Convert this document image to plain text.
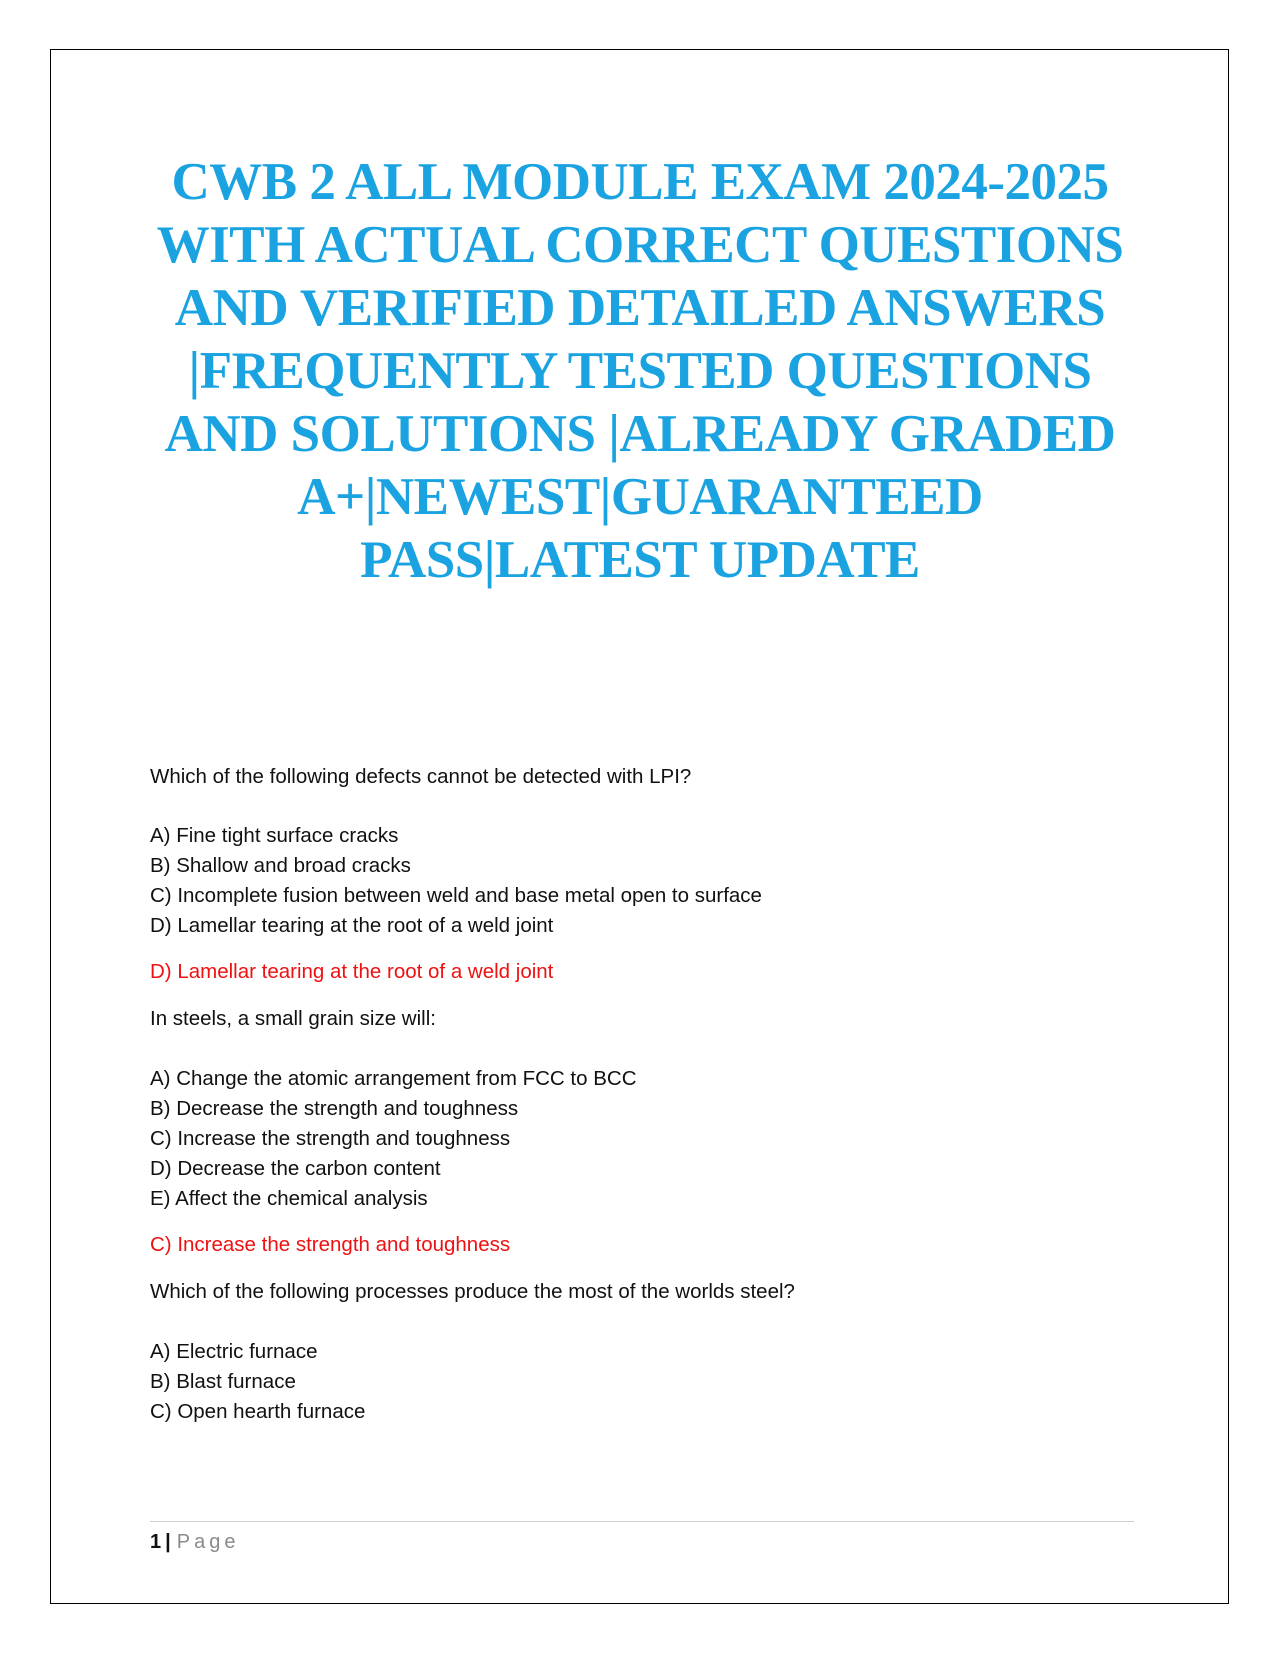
CWB 2 ALL MODULE EXAM 2024-2025
WITH ACTUAL CORRECT QUESTIONS
AND VERIFIED DETAILED ANSWERS
|FREQUENTLY TESTED QUESTIONS
AND SOLUTIONS |ALREADY GRADED
A+|NEWEST|GUARANTEED
PASS|LATEST UPDATE

Which of the following defects cannot be detected with LPI?

A) Fine tight surface cracks

B) Shallow and broad cracks

C) Incomplete fusion between weld and base metal open to surface

D) Lamellar tearing at the root of a weld joint

D) Lamellar tearing at the root of a weld joint

In steels, a small grain size will:

A) Change the atomic arrangement from FCC to BCC

B) Decrease the strength and toughness

C) Increase the strength and toughness

D) Decrease the carbon content

E) Affect the chemical analysis

C) Increase the strength and toughness

Which of the following processes produce the most of the worlds steel?

A) Electric furnace

B) Blast furnace

C) Open hearth furnace

1 | Page
